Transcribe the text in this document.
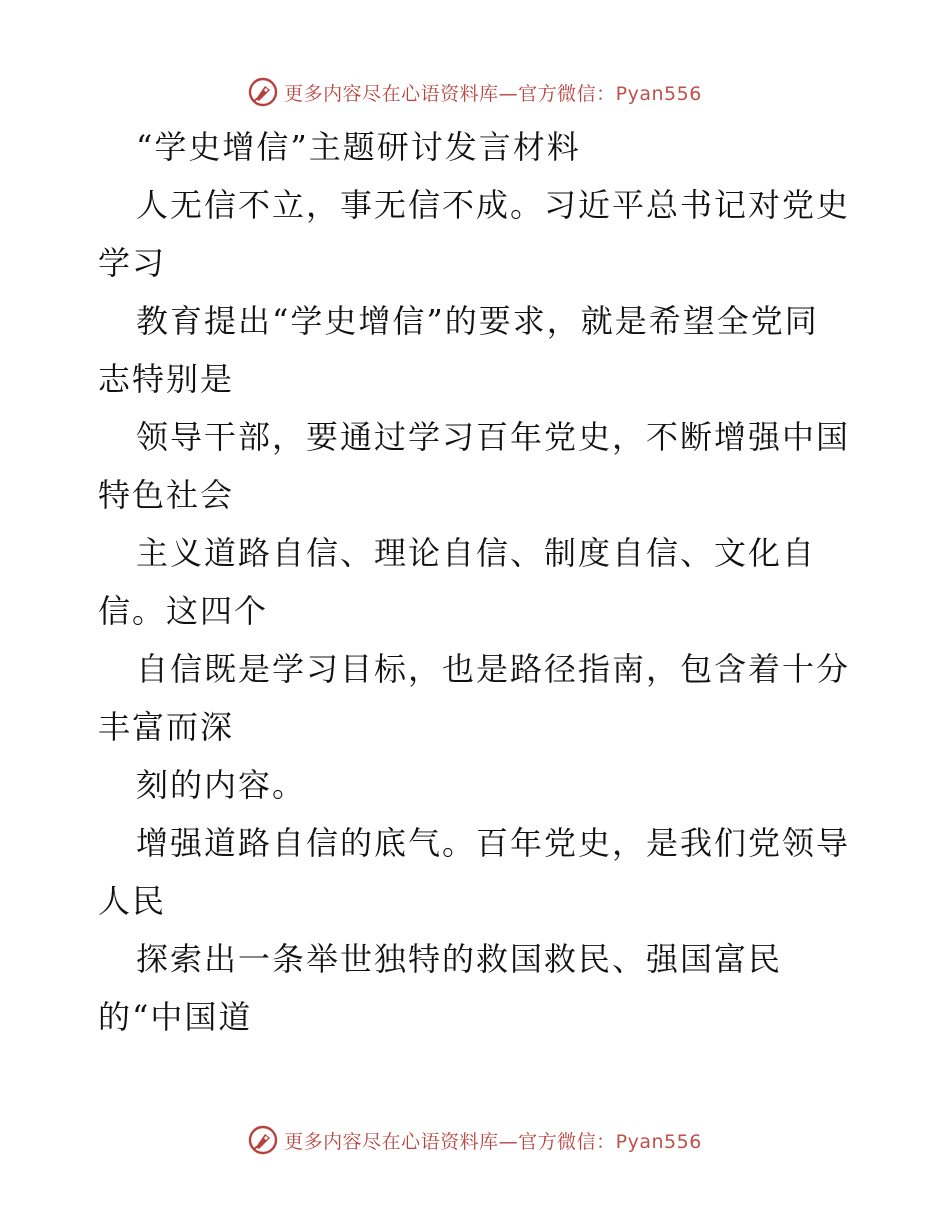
更多内容尽在心语资料库—官方微信：Pyan556
“学史增信”主题研讨发言材料
人无信不立，事无信不成。习近平总书记对党史
学习
教育提出“学史增信”的要求，就是希望全党同
志特别是
领导干部，要通过学习百年党史，不断增强中国
特色社会
主义道路自信、理论自信、制度自信、文化自
信。这四个
自信既是学习目标，也是路径指南，包含着十分
丰富而深
刻的内容。
增强道路自信的底气。百年党史，是我们党领导
人民
探索出一条举世独特的救国救民、强国富民
的“中国道
更多内容尽在心语资料库—官方微信：Pyan556
